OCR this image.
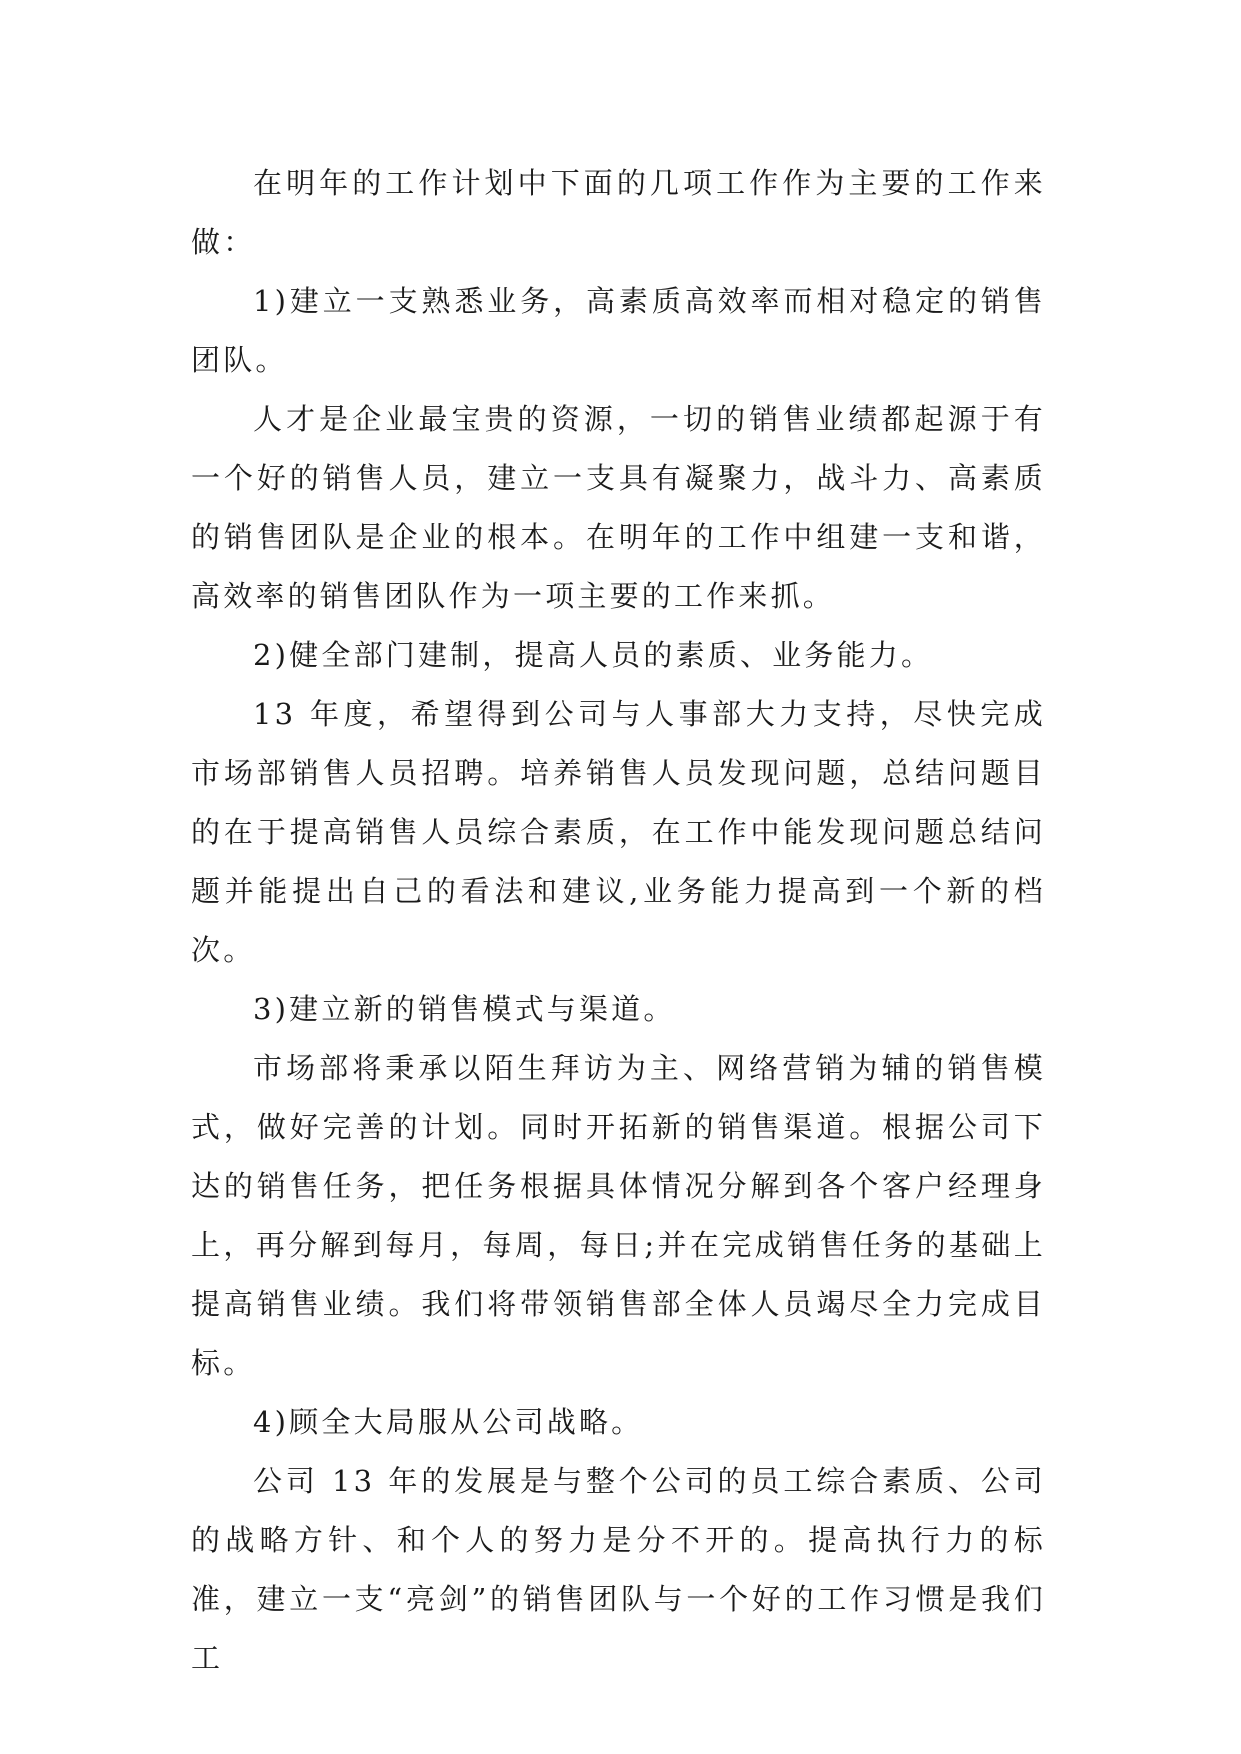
在明年的工作计划中下面的几项工作作为主要的工作来做：

1)建立一支熟悉业务，高素质高效率而相对稳定的销售团队。

人才是企业最宝贵的资源，一切的销售业绩都起源于有一个好的销售人员，建立一支具有凝聚力，战斗力、高素质的销售团队是企业的根本。在明年的工作中组建一支和谐，高效率的销售团队作为一项主要的工作来抓。

2)健全部门建制，提高人员的素质、业务能力。

13 年度，希望得到公司与人事部大力支持，尽快完成市场部销售人员招聘。培养销售人员发现问题，总结问题目的在于提高销售人员综合素质，在工作中能发现问题总结问题并能提出自己的看法和建议,业务能力提高到一个新的档次。

3)建立新的销售模式与渠道。

市场部将秉承以陌生拜访为主、网络营销为辅的销售模式，做好完善的计划。同时开拓新的销售渠道。根据公司下达的销售任务，把任务根据具体情况分解到各个客户经理身上，再分解到每月，每周，每日;并在完成销售任务的基础上提高销售业绩。我们将带领销售部全体人员竭尽全力完成目标。

4)顾全大局服从公司战略。

公司 13 年的发展是与整个公司的员工综合素质、公司的战略方针、和个人的努力是分不开的。提高执行力的标准，建立一支“亮剑”的销售团队与一个好的工作习惯是我们工
